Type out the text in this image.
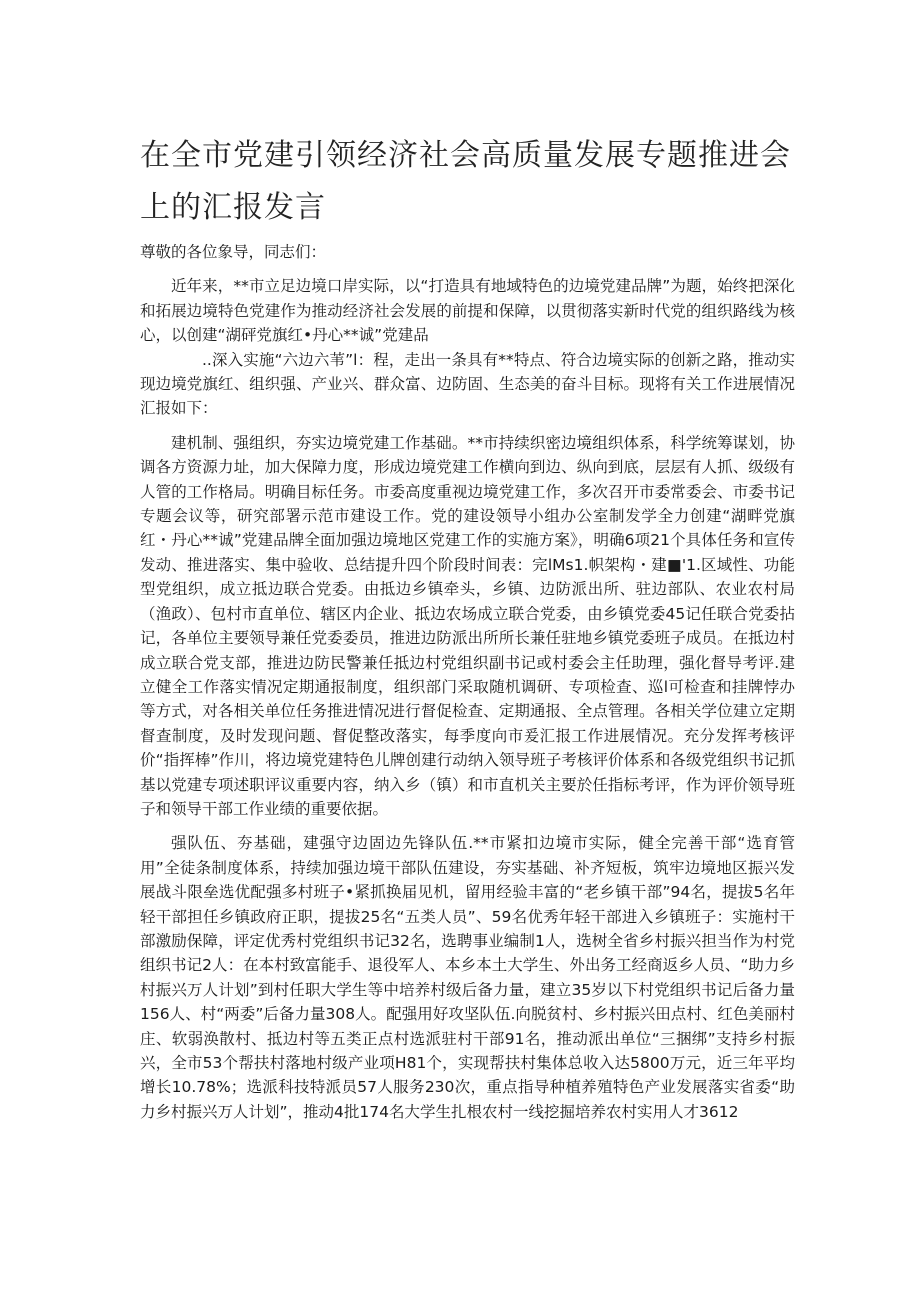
在全市党建引领经济社会高质量发展专题推进会上的汇报发言

尊敬的各位象导，同志们：

近年来，**市立足边境口岸实际，以“打造具有地域特色的边境党建品牌”为题，始终把深化和拓展边境特色党建作为推动经济社会发展的前提和保障，以贯彻落实新时代党的组织路线为核心，以创建“湖砰党旗红•丹心**诚”党建品

..深入实施“六边六苇”l：程，走出一条具有**特点、符合边境实际的创新之路，推动实现边境党旗红、组织强、产业兴、群众富、边防固、生态美的奋斗目标。现将有关工作进展情况汇报如下：

建机制、强组织，夯实边境党建工作基础。**市持续织密边境组织体系，科学统筹谋划，协调各方资源力址，加大保障力度，形成边境党建工作横向到边、纵向到底，层层有人抓、级级有人管的工作格局。明确目标任务。市委高度重视边境党建工作，多次召开市委常委会、市委书记专题会议等，研究部署示范市建设工作。党的建设领导小组办公室制发学全力创建“湖畔党旗红・丹心**诚”党建品牌全面加强边境地区党建工作的实施方案》，明确6项21个具体任务和宣传发动、推进落实、集中验收、总结提升四个阶段时间表：完lMs1.帜架构・建■'1.区域性、功能型党组织，成立抵边联合党委。由抵边乡镇牵头，乡镇、边防派出所、驻边部队、农业农村局（渔政）、包村市直单位、辖区内企业、抵边农场成立联合党委，由乡镇党委45记任联合党委拈记，各单位主要领导兼任党委委员，推进边防派出所所长兼任驻地乡镇党委班子成员。在抵边村成立联合党支部，推进边防民警兼任抵边村党组织副书记或村委会主任助理，强化督导考评.建立健全工作落实情况定期通报制度，组织部门采取随机调研、专项检查、巡l可检查和挂牌悖办等方式，对各相关单位任务推进情况进行督促检查、定期通报、全点管理。各相关学位建立定期督查制度，及时发现问题、督促整改落实，每季度向市爰汇报工作进展情况。充分发挥考核评价“指挥棒”作川，将边境党建特色儿牌创建行动纳入领导班子考核评价体系和各级党组织书记抓基以党建专项述职评议重要内容，纳入乡（镇）和市直机关主要於任指标考评，作为评价领导班子和领导干部工作业绩的重要依据。

强队伍、夯基础，建强守边固边先锋队伍.**市紧扣边境市实际，健全完善干部“选育管用”全徒条制度体系，持续加强边境干部队伍建设，夯实基础、补齐短板，筑牢边境地区振兴发展战斗限垒选优配强多村班子•紧抓换届见机，留用经验丰富的“老乡镇干部”94名，提拔5名年轻干部担任乡镇政府正职，提拔25名“五类人员”、59名优秀年轻干部进入乡镇班子：实施村干部激励保障，评定优秀村党组织书记32名，选聘事业编制1人，选树全省乡村振兴担当作为村党组织书记2人：在本村致富能手、退役军人、本乡本土大学生、外出务工经商返乡人员、“助力乡村振兴万人计划”到村任职大学生等中培养村级后备力量，建立35岁以下村党组织书记后备力量156人、村“两委”后备力量308人。配强用好攻坚队伍.向脱贫村、乡村振兴田点村、红色美丽村庄、软弱涣散村、抵边村等五类正点村选派驻村干部91名，推动派出单位“三捆绑”支持乡村振兴，全市53个帮扶村落地村级产业项H81个，实现帮扶村集体总收入达5800万元，近三年平均增长10.78%；选派科技特派员57人服务230次，重点指导种植养殖特色产业发展落实省委“助力乡村振兴万人计划”，推动4批174名大学生扎根农村一线挖掘培养农村实用人才3612
